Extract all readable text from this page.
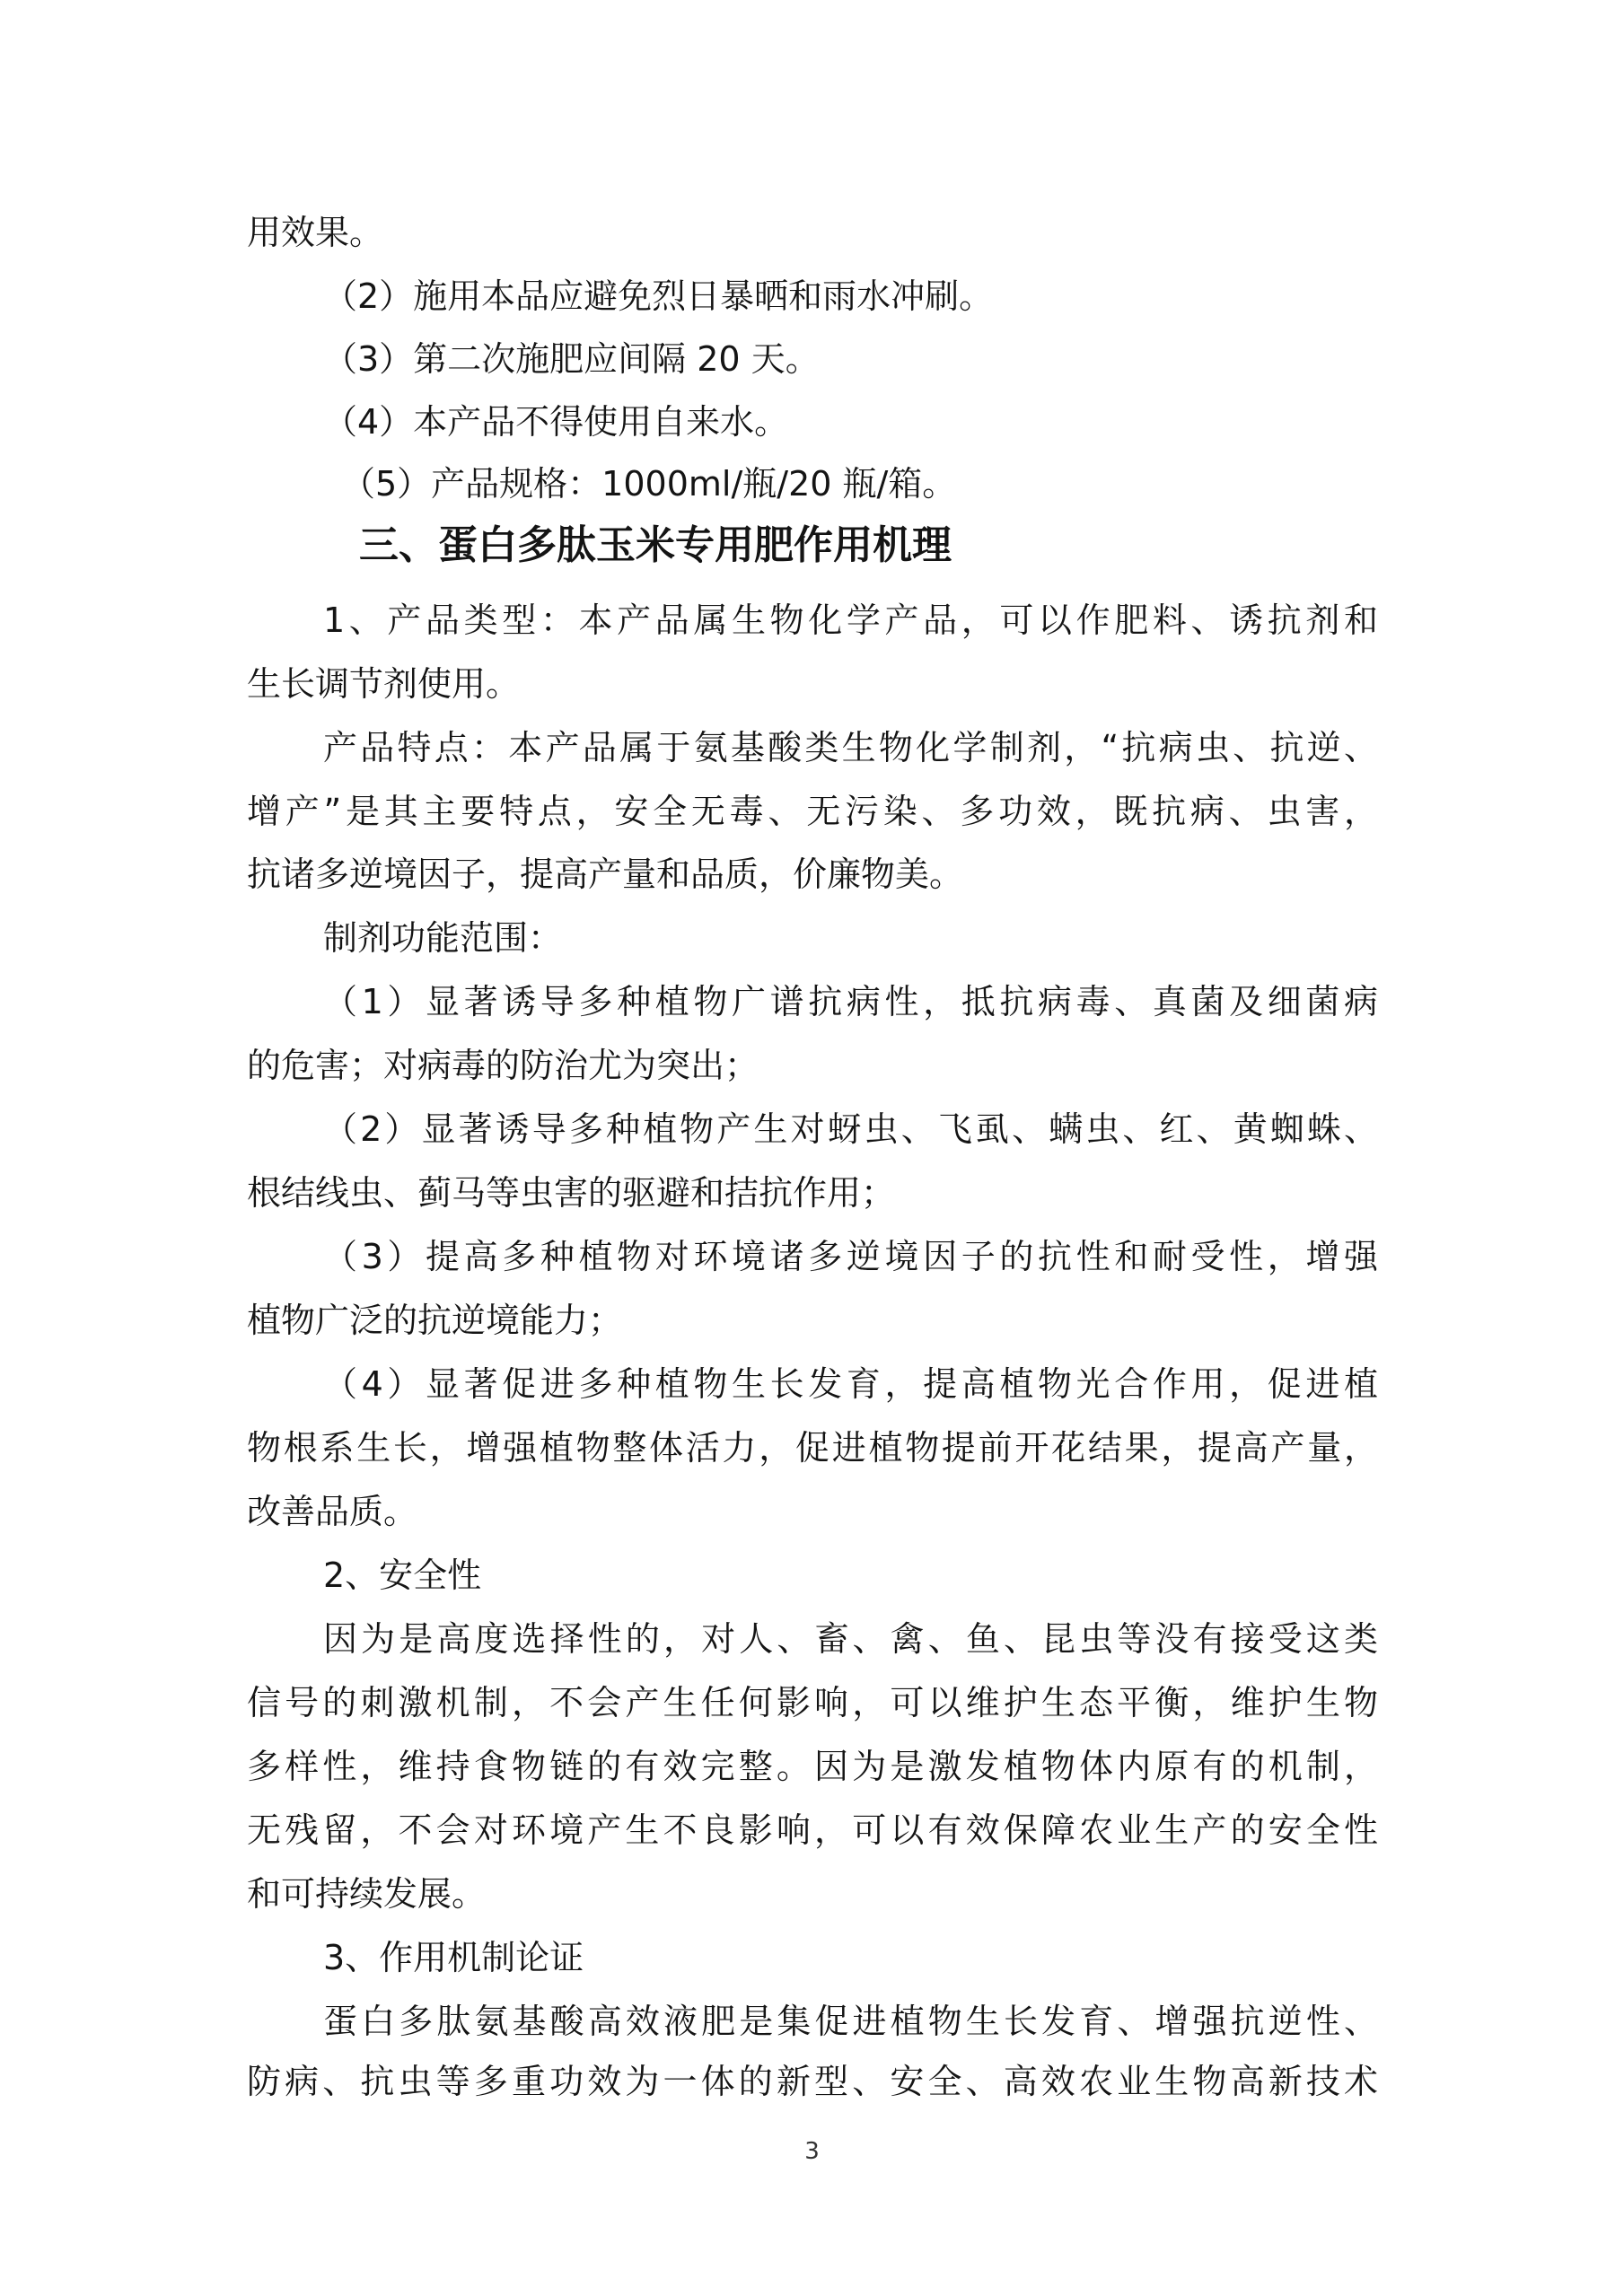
用效果。
（2）施用本品应避免烈日暴晒和雨水冲刷。
（3）第二次施肥应间隔 20 天。
（4）本产品不得使用自来水。
（5）产品规格：1000ml/瓶/20 瓶/箱。
三、蛋白多肽玉米专用肥作用机理
1、产品类型：本产品属生物化学产品，可以作肥料、诱抗剂和
生长调节剂使用。
产品特点：本产品属于氨基酸类生物化学制剂，“抗病虫、抗逆、
增产”是其主要特点，安全无毒、无污染、多功效，既抗病、虫害，
抗诸多逆境因子，提高产量和品质，价廉物美。
制剂功能范围：
（1）显著诱导多种植物广谱抗病性，抵抗病毒、真菌及细菌病
的危害；对病毒的防治尤为突出；
（2）显著诱导多种植物产生对蚜虫、飞虱、螨虫、红、黄蜘蛛、
根结线虫、蓟马等虫害的驱避和拮抗作用；
（3）提高多种植物对环境诸多逆境因子的抗性和耐受性，增强
植物广泛的抗逆境能力；
（4）显著促进多种植物生长发育，提高植物光合作用，促进植
物根系生长，增强植物整体活力，促进植物提前开花结果，提高产量，
改善品质。
2、安全性
因为是高度选择性的，对人、畜、禽、鱼、昆虫等没有接受这类
信号的刺激机制，不会产生任何影响，可以维护生态平衡，维护生物
多样性，维持食物链的有效完整。因为是激发植物体内原有的机制，
无残留，不会对环境产生不良影响，可以有效保障农业生产的安全性
和可持续发展。
3、作用机制论证
蛋白多肽氨基酸高效液肥是集促进植物生长发育、增强抗逆性、
防病、抗虫等多重功效为一体的新型、安全、高效农业生物高新技术
3
